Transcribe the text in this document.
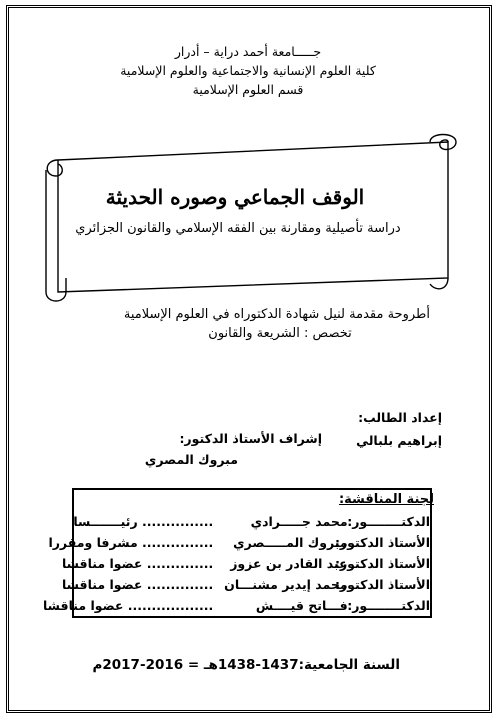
جـــــامعة أحمد دراية – أدرار
كلية العلوم الإنسانية والاجتماعية والعلوم الإسلامية
قسم العلوم الإسلامية
الوقف الجماعي وصوره الحديثة
دراسة تأصيلية ومقارنة بين الفقه الإسلامي والقانون الجزائري
أطروحة مقدمة لنيل شهادة الدكتوراه في العلوم الإسلامية
تخصص : الشريعة والقانون
إعداد الطالب:
إبراهيم بلبالي
إشراف الأستاذ الدكتور:
مبروك المصري
لجنة المناقشة:
الدكتــــــــور: محمد جـــــرادي ............... رئيـــــــسا
الأستاذ الدكتور: مبروك المـــــصري ............... مشرفا ومقررا
الأستاذ الدكتور: عبد القادر بن عزوز .............. عضوا مناقشا
الأستاذ الدكتور: محمد إيدير مشنـــان .............. عضوا مناقشا
الدكتــــــــور: فـــاتح قيــــش .................. عضوا مناقشا
السنة الجامعية:1437-1438هـ = 2016-2017م
